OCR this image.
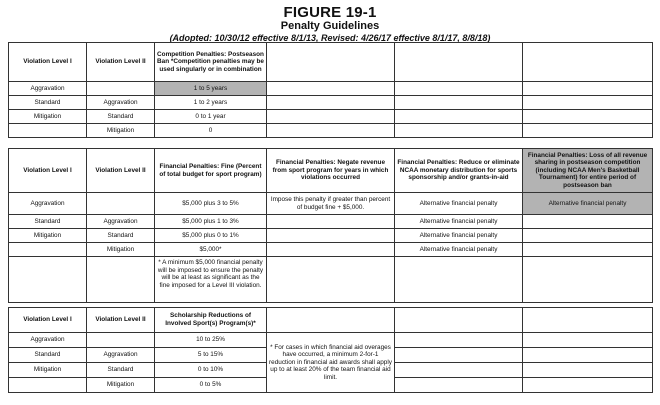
FIGURE 19-1
Penalty Guidelines
(Adopted: 10/30/12 effective 8/1/13, Revised: 4/26/17 effective 8/1/17, 8/8/18)
Violation Level I	Violation Level II	Competition Penalties: Postseason Ban *Competition penalties may be used singularly or in combination			
Aggravation		1 to 5 years			
Standard	Aggravation	1 to 2 years			
Mitigation	Standard	0 to 1 year			
	Mitigation	0			
Violation Level I	Violation Level II	Financial Penalties: Fine (Percent of total budget for sport program)	Financial Penalties: Negate revenue from sport program for years in which violations occurred	Financial Penalties: Reduce or eliminate NCAA monetary distribution for sports sponsorship and/or grants-in-aid	Financial Penalties: Loss of all revenue sharing in postseason competition (including NCAA Men's Basketball Tournament) for entire period of postseason ban
Aggravation		$5,000 plus 3 to 5%	Impose this penalty if greater than percent of budget fine + $5,000.	Alternative financial penalty	Alternative financial penalty
Standard	Aggravation	$5,000 plus 1 to 3%		Alternative financial penalty	
Mitigation	Standard	$5,000 plus 0 to 1%		Alternative financial penalty	
	Mitigation	$5,000*		Alternative financial penalty	
		* A minimum $5,000 financial penalty will be imposed to ensure the penalty will be at least as significant as the fine imposed for a Level III violation.			
Violation Level I	Violation Level II	Scholarship Reductions of Involved Sport(s) Program(s)*			
Aggravation		10 to 25%	* For cases in which financial aid overages have occurred, a minimum 2-for-1 reduction in financial aid awards shall apply up to at least 20% of the team financial aid limit.		
Standard	Aggravation	5 to 15%			
Mitigation	Standard	0 to 10%			
	Mitigation	0 to 5%			
